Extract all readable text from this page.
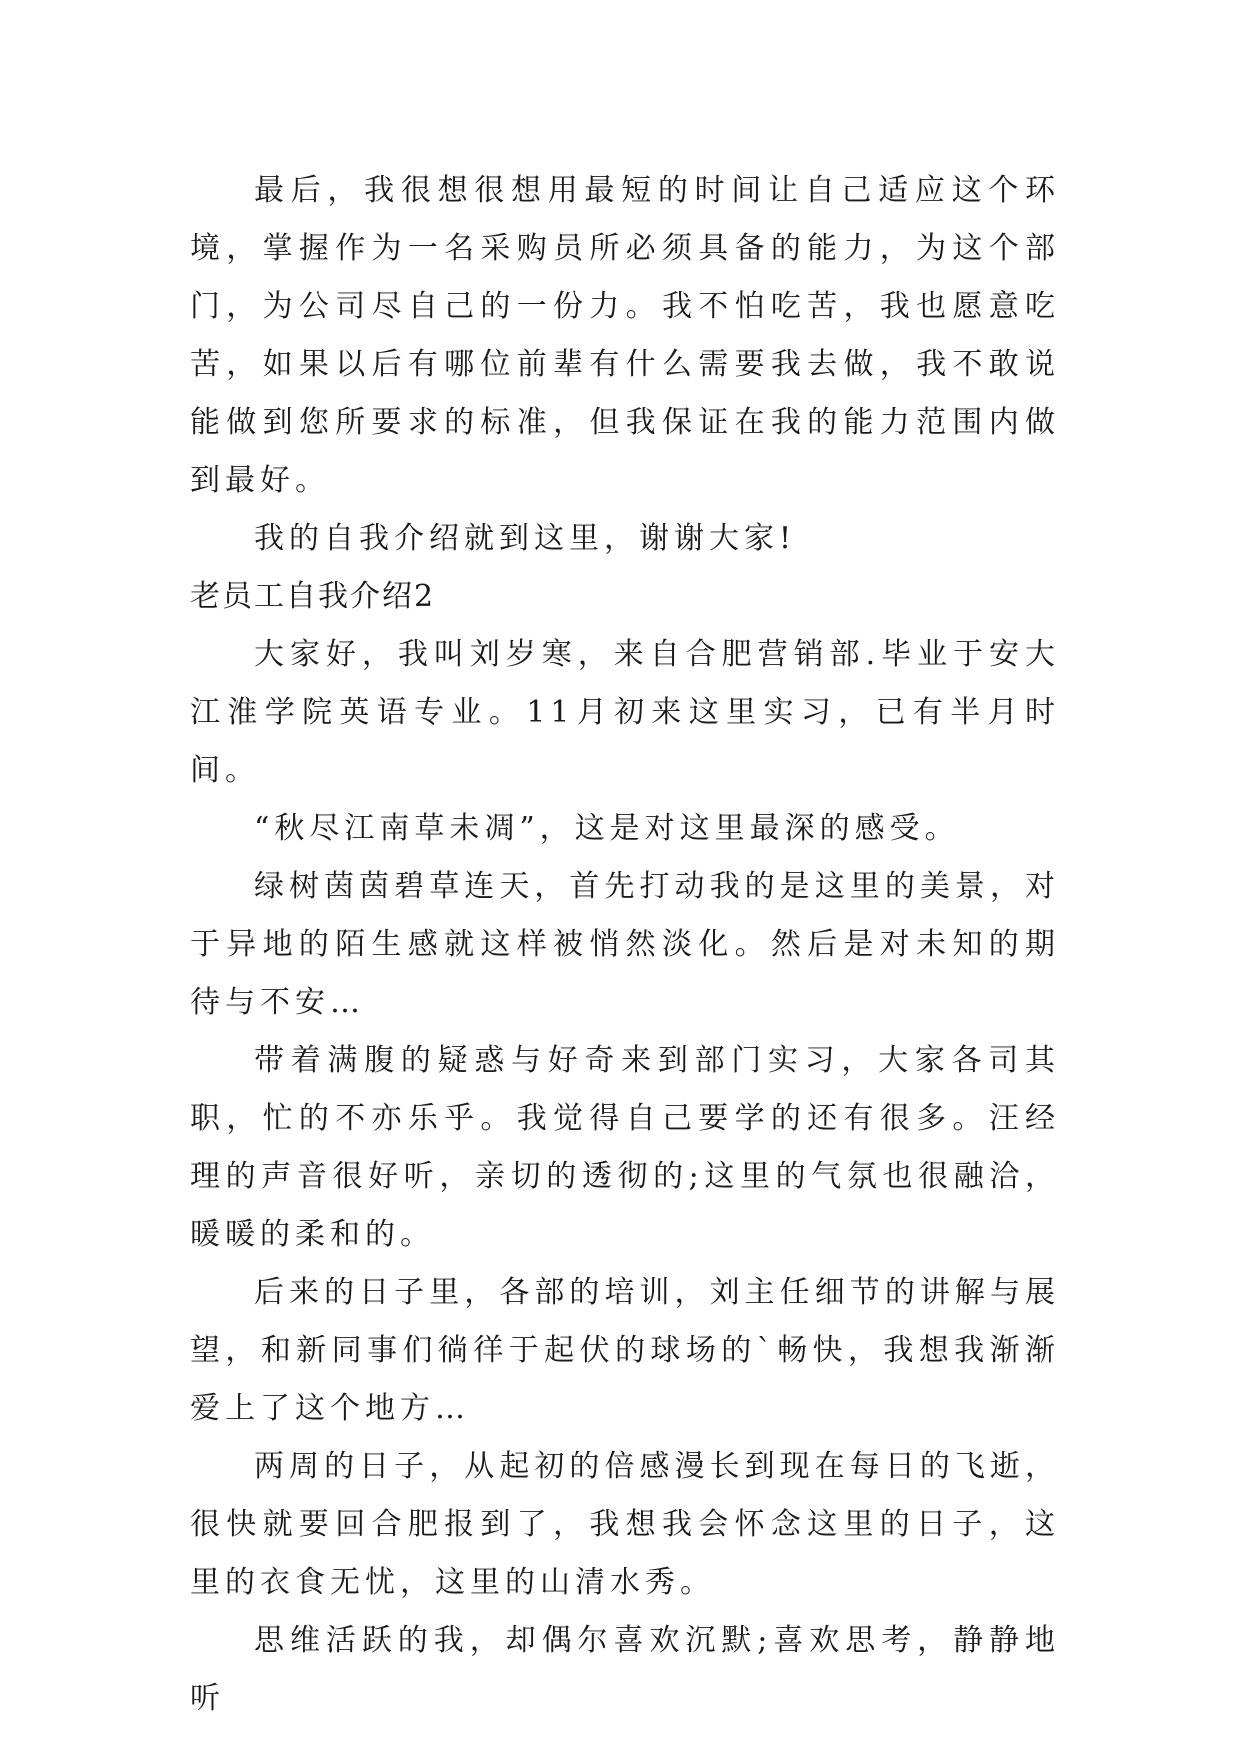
最后，我很想很想用最短的时间让自己适应这个环境，掌握作为一名采购员所必须具备的能力，为这个部门，为公司尽自己的一份力。我不怕吃苦，我也愿意吃苦，如果以后有哪位前辈有什么需要我去做，我不敢说能做到您所要求的标准，但我保证在我的能力范围内做到最好。

我的自我介绍就到这里，谢谢大家!

老员工自我介绍2

大家好，我叫刘岁寒，来自合肥营销部.毕业于安大江淮学院英语专业。11月初来这里实习，已有半月时间。

“秋尽江南草未凋”，这是对这里最深的感受。

绿树茵茵碧草连天，首先打动我的是这里的美景，对于异地的陌生感就这样被悄然淡化。然后是对未知的期待与不安…

带着满腹的疑惑与好奇来到部门实习，大家各司其职，忙的不亦乐乎。我觉得自己要学的还有很多。汪经理的声音很好听，亲切的透彻的;这里的气氛也很融洽，暖暖的柔和的。

后来的日子里，各部的培训，刘主任细节的讲解与展望，和新同事们徜徉于起伏的球场的`畅快，我想我渐渐爱上了这个地方…

两周的日子，从起初的倍感漫长到现在每日的飞逝，很快就要回合肥报到了，我想我会怀念这里的日子，这里的衣食无忧，这里的山清水秀。

思维活跃的我，却偶尔喜欢沉默;喜欢思考，静静地听
